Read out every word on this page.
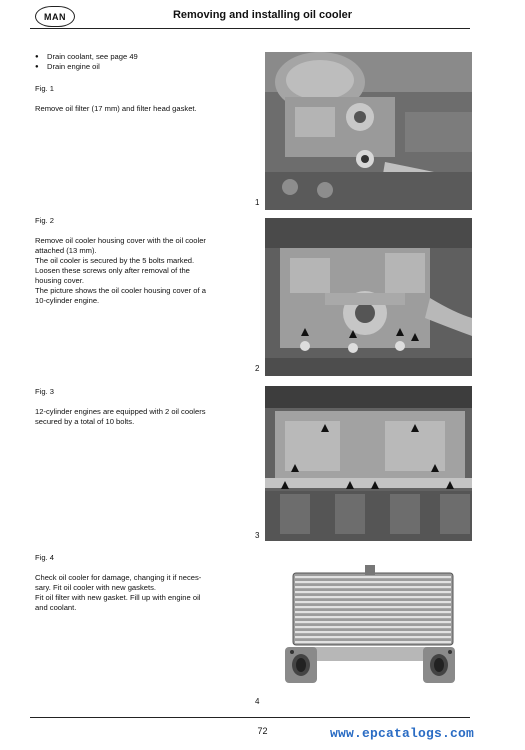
MAN	Removing and installing oil cooler
● Drain coolant, see page 49
● Drain engine oil

Fig. 1

Remove oil filter (17 mm) and filter head gasket.

Fig. 2

Remove oil cooler housing cover with the oil cooler

attached (13 mm).

The oil cooler is secured by the 5 bolts marked.

Loosen these screws only after removal of the

housing cover.

The picture shows the oil cooler housing cover of a

10-cylinder engine.

Fig. 3

12-cylinder engines are equipped with 2 oil coolers

secured by a total of 10 bolts.

Fig. 4

Check oil cooler for damage, changing it if neces-

sary. Fit oil cooler with new gaskets.

Fit oil filter with new gasket. Fill up with engine oil

and coolant.

1
2
3
4
72	www.epcatalogs.com
